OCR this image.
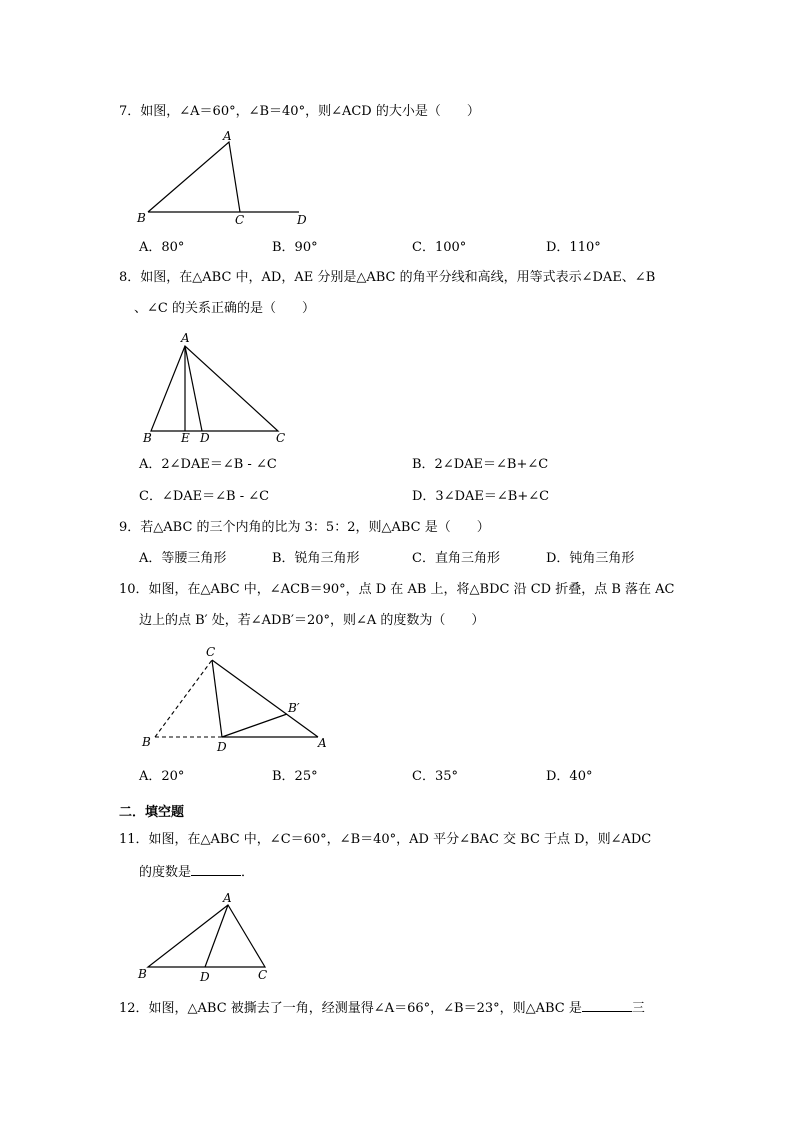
7．如图，∠A＝60°，∠B＝40°，则∠ACD 的大小是（　　）
A
B	C	D
A．80°	B．90°	C．100°	D．110°
8．如图，在△ABC 中，AD，AE 分别是△ABC 的角平分线和高线，用等式表示∠DAE、∠B
、∠C 的关系正确的是（　　）
A
B E D	C
A．2∠DAE＝∠B - ∠C	B．2∠DAE＝∠B+∠C
C．∠DAE＝∠B - ∠C	D．3∠DAE＝∠B+∠C
9．若△ABC 的三个内角的比为 3：5：2，则△ABC 是（　　）
A．等腰三角形	B．锐角三角形	C．直角三角形	D．钝角三角形
10．如图，在△ABC 中，∠ACB＝90°，点 D 在 AB 上，将△BDC 沿 CD 折叠，点 B 落在 AC
边上的点 B′ 处，若∠ADB′＝20°，则∠A 的度数为（　　）
C
B′
B	D	A
A．20°	B．25°	C．35°	D．40°
二．填空题
11．如图，在△ABC 中，∠C＝60°，∠B＝40°，AD 平分∠BAC 交 BC 于点 D，则∠ADC
的度数是	．
A
B	D	C
12．如图，△ABC 被撕去了一角，经测量得∠A＝66°，∠B＝23°，则△ABC 是	三
